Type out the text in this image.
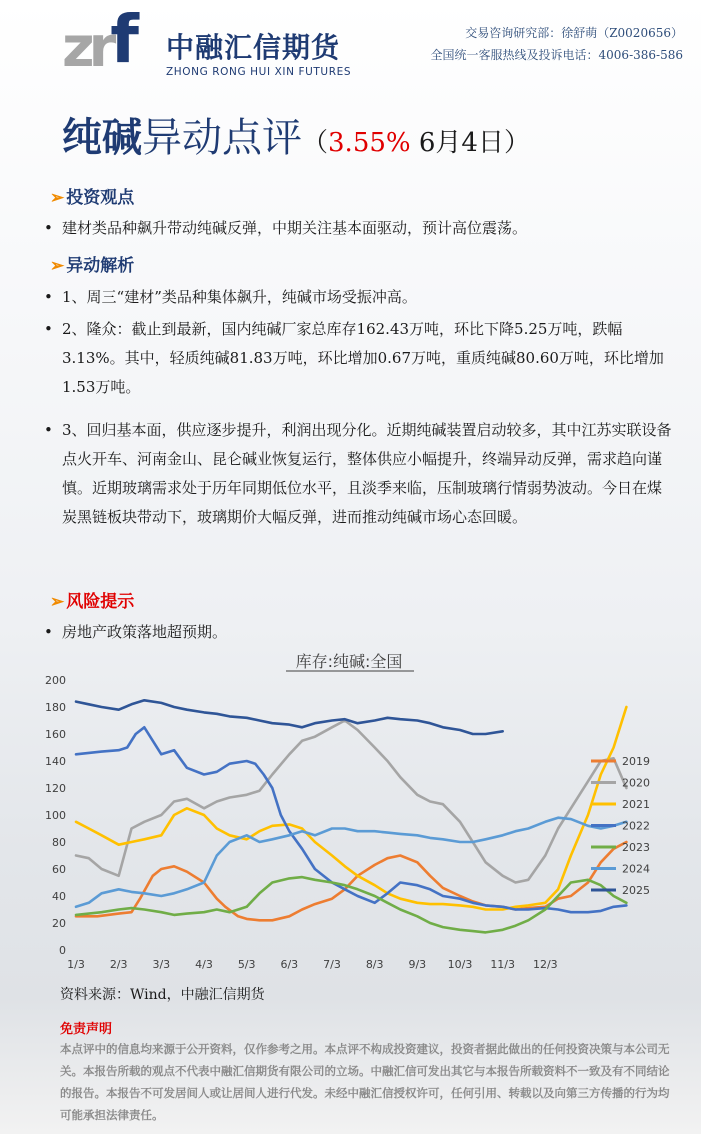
zrf 中融汇信期货
ZHONG RONG HUI XIN FUTURES
交易咨询研究部：徐舒萌（Z0020656）
全国统一客服热线及投诉电话：4006-386-586
纯碱异动点评（3.55% 6月4日）
➢ 投资观点
• 建材类品种飙升带动纯碱反弹，中期关注基本面驱动，预计高位震荡。
➢ 异动解析
• 1、周三“建材”类品种集体飙升，纯碱市场受振冲高。
• 2、隆众：截止到最新，国内纯碱厂家总库存162.43万吨，环比下降5.25万吨，跌幅3.13%。其中，轻质纯碱81.83万吨，环比增加0.67万吨，重质纯碱80.60万吨，环比增加1.53万吨。
• 3、回归基本面，供应逐步提升，利润出现分化。近期纯碱装置启动较多，其中江苏实联设备点火开车、河南金山、昆仑碱业恢复运行，整体供应小幅提升，终端异动反弹，需求趋向谨慎。近期玻璃需求处于历年同期低位水平，且淡季来临，压制玻璃行情弱势波动。今日在煤炭黑链板块带动下，玻璃期价大幅反弹，进而推动纯碱市场心态回暖。
➢ 风险提示
• 房地产政策落地超预期。
库存:纯碱:全国
0
20
40
60
80
100
120
140
160
180
200
1/3 2/3 3/3 4/3 5/3 6/3 7/3 8/3 9/3 10/3 11/3 12/3
2019
2020
2021
2022
2023
2024
2025
资料来源：Wind，中融汇信期货
免责声明
本点评中的信息均来源于公开资料，仅作参考之用。本点评不构成投资建议，投资者据此做出的任何投资决策与本公司无关。本报告所载的观点不代表中融汇信期货有限公司的立场。中融汇信可发出其它与本报告所载资料不一致及有不同结论的报告。本报告不可发居间人或让居间人进行代发。未经中融汇信授权许可，任何引用、转载以及向第三方传播的行为均可能承担法律责任。
